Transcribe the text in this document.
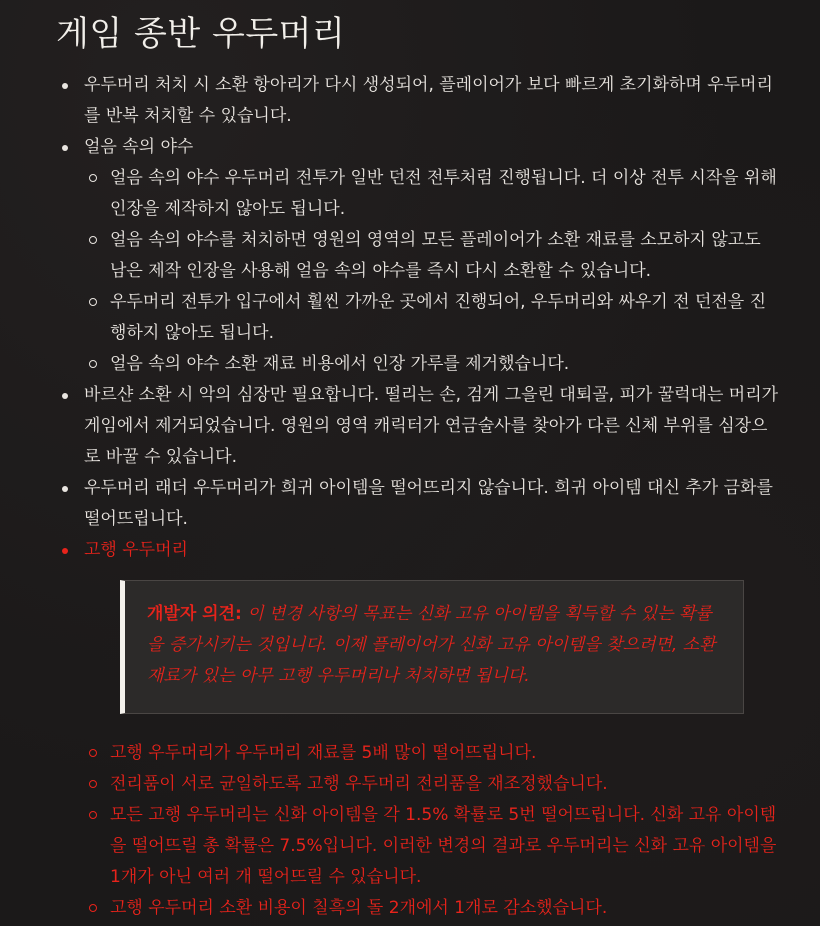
게임 종반 우두머리
우두머리 처치 시 소환 항아리가 다시 생성되어, 플레이어가 보다 빠르게 초기화하며 우두머리를 반복 처치할 수 있습니다.
얼음 속의 야수
얼음 속의 야수 우두머리 전투가 일반 던전 전투처럼 진행됩니다. 더 이상 전투 시작을 위해 인장을 제작하지 않아도 됩니다.
얼음 속의 야수를 처치하면 영원의 영역의 모든 플레이어가 소환 재료를 소모하지 않고도 남은 제작 인장을 사용해 얼음 속의 야수를 즉시 다시 소환할 수 있습니다.
우두머리 전투가 입구에서 훨씬 가까운 곳에서 진행되어, 우두머리와 싸우기 전 던전을 진행하지 않아도 됩니다.
얼음 속의 야수 소환 재료 비용에서 인장 가루를 제거했습니다.
바르샨 소환 시 악의 심장만 필요합니다. 떨리는 손, 검게 그을린 대퇴골, 피가 꿀럭대는 머리가 게임에서 제거되었습니다. 영원의 영역 캐릭터가 연금술사를 찾아가 다른 신체 부위를 심장으로 바꿀 수 있습니다.
우두머리 래더 우두머리가 희귀 아이템을 떨어뜨리지 않습니다. 희귀 아이템 대신 추가 금화를 떨어뜨립니다.
고행 우두머리
개발자 의견: 이 변경 사항의 목표는 신화 고유 아이템을 획득할 수 있는 확률을 증가시키는 것입니다. 이제 플레이어가 신화 고유 아이템을 찾으려면, 소환 재료가 있는 아무 고행 우두머리나 처치하면 됩니다.
고행 우두머리가 우두머리 재료를 5배 많이 떨어뜨립니다.
전리품이 서로 균일하도록 고행 우두머리 전리품을 재조정했습니다.
모든 고행 우두머리는 신화 아이템을 각 1.5% 확률로 5번 떨어뜨립니다. 신화 고유 아이템을 떨어뜨릴 총 확률은 7.5%입니다. 이러한 변경의 결과로 우두머리는 신화 고유 아이템을 1개가 아닌 여러 개 떨어뜨릴 수 있습니다.
고행 우두머리 소환 비용이 칠흑의 돌 2개에서 1개로 감소했습니다.
